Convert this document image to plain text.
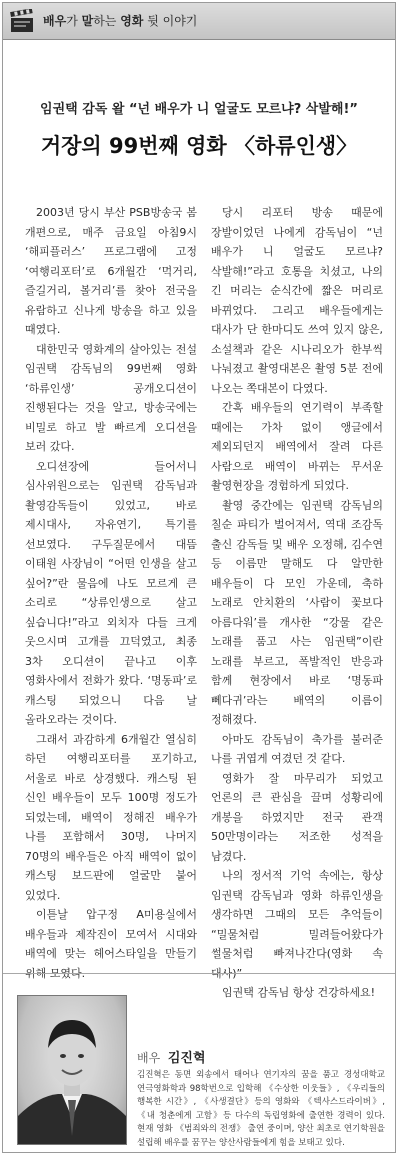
배우가 말하는 영화 뒷 이야기
임권택 감독 왈 “넌 배우가 니 얼굴도 모르냐? 삭발해!”
거장의 99번째 영화 〈하류인생〉

2003년 당시 부산 PSB방송국 봄 개편으로, 매주 금요일 아침9시 ‘해피플러스’ 프로그램에 고정 ‘여행리포터’로 6개월간 ‘먹거리, 즐길거리, 볼거리’를 찾아 전국을 유람하고 신나게 방송을 하고 있을 때였다.

대한민국 영화계의 살아있는 전설 임권택 감독님의 99번째 영화 ‘하류인생’ 공개오디션이 진행된다는 것을 알고, 방송국에는 비밀로 하고 발 빠르게 오디션을 보러 갔다.

오디션장에 들어서니 심사위원으로는 임권택 감독님과 촬영감독들이 있었고, 바로 제시대사, 자유연기, 특기를 선보였다. 구두질문에서 대뜸 이태원 사장님이 “어떤 인생을 살고 싶어?”란 물음에 나도 모르게 큰 소리로 “상류인생으로 살고 싶습니다!”라고 외치자 다들 크게 웃으시며 고개를 끄덕였고, 최종 3차 오디션이 끝나고 이후 영화사에서 전화가 왔다. ‘명동파’로 캐스팅 되었으니 다음 날 올라오라는 것이다.

그래서 과감하게 6개월간 열심히 하던 여행리포터를 포기하고, 서울로 바로 상경했다. 캐스팅 된 신인 배우들이 모두 100명 정도가 되었는데, 배역이 정해진 배우가 나를 포함해서 30명, 나머지 70명의 배우들은 아직 배역이 없이 캐스팅 보드판에 얼굴만 붙어 있었다.

이튿날 압구정 A미용실에서 배우들과 제작진이 모여서 시대와 배역에 맞는 헤어스타일을 만들기 위해 모였다.

당시 리포터 방송 때문에 장발이었던 나에게 감독님이 “넌 배우가 니 얼굴도 모르냐? 삭발해!”라고 호통을 치셨고, 나의 긴 머리는 순식간에 짧은 머리로 바뀌었다. 그리고 배우들에게는 대사가 단 한마디도 쓰여 있지 않은, 소설책과 같은 시나리오가 한부씩 나눠졌고 촬영대본은 촬영 5분 전에 나오는 쪽대본이 다였다.

간혹 배우들의 연기력이 부족할 때에는 가차 없이 앵글에서 제외되던지 배역에서 잘려 다른 사람으로 배역이 바뀌는 무서운 촬영현장을 경험하게 되었다.

촬영 중간에는 임권택 감독님의 칠순 파티가 벌어져서, 역대 조감독 출신 감독들 및 배우 오정해, 김수연 등 이름만 말해도 다 알만한 배우들이 다 모인 가운데, 축하 노래로 안치환의 ‘사람이 꽃보다 아름다워’를 개사한 “강물 같은 노래를 품고 사는 임권택”이란 노래를 부르고, 폭발적인 반응과 함께 현장에서 바로 ‘명동파 뻬다귀’라는 배역의 이름이 정해졌다.

아마도 감독님이 축가를 불러준 나를 귀엽게 여겼던 것 같다.

영화가 잘 마무리가 되었고 언론의 큰 관심을 끌며 성황리에 개봉을 하였지만 전국 관객 50만명이라는 저조한 성적을 남겼다.

나의 정서적 기억 속에는, 항상 임권택 감독님과 영화 하류인생을 생각하면 그때의 모든 추억들이 “밀물처럼 밀려들어왔다가 썰물처럼 빠져나간다(영화 속 대사)”

임권택 감독님 항상 건강하세요!

배우 김진혁
김진혁은 동면 외송에서 태어나 연기자의 꿈을 품고 경성대학교 연극영화학과 98학번으로 입학해 《수상한 이웃들》, 《우리들의 행복한 시간》, 《사생결단》등의 영화와 《텍사스드라이버》, 《내 청춘에게 고함》등 다수의 독립영화에 출연한 경력이 있다. 현재 영화 《범죄와의 전쟁》 출연 중이며, 양산 최초로 연기학원을 설립해 배우를 꿈꾸는 양산사람들에게 힘을 보태고 있다.
